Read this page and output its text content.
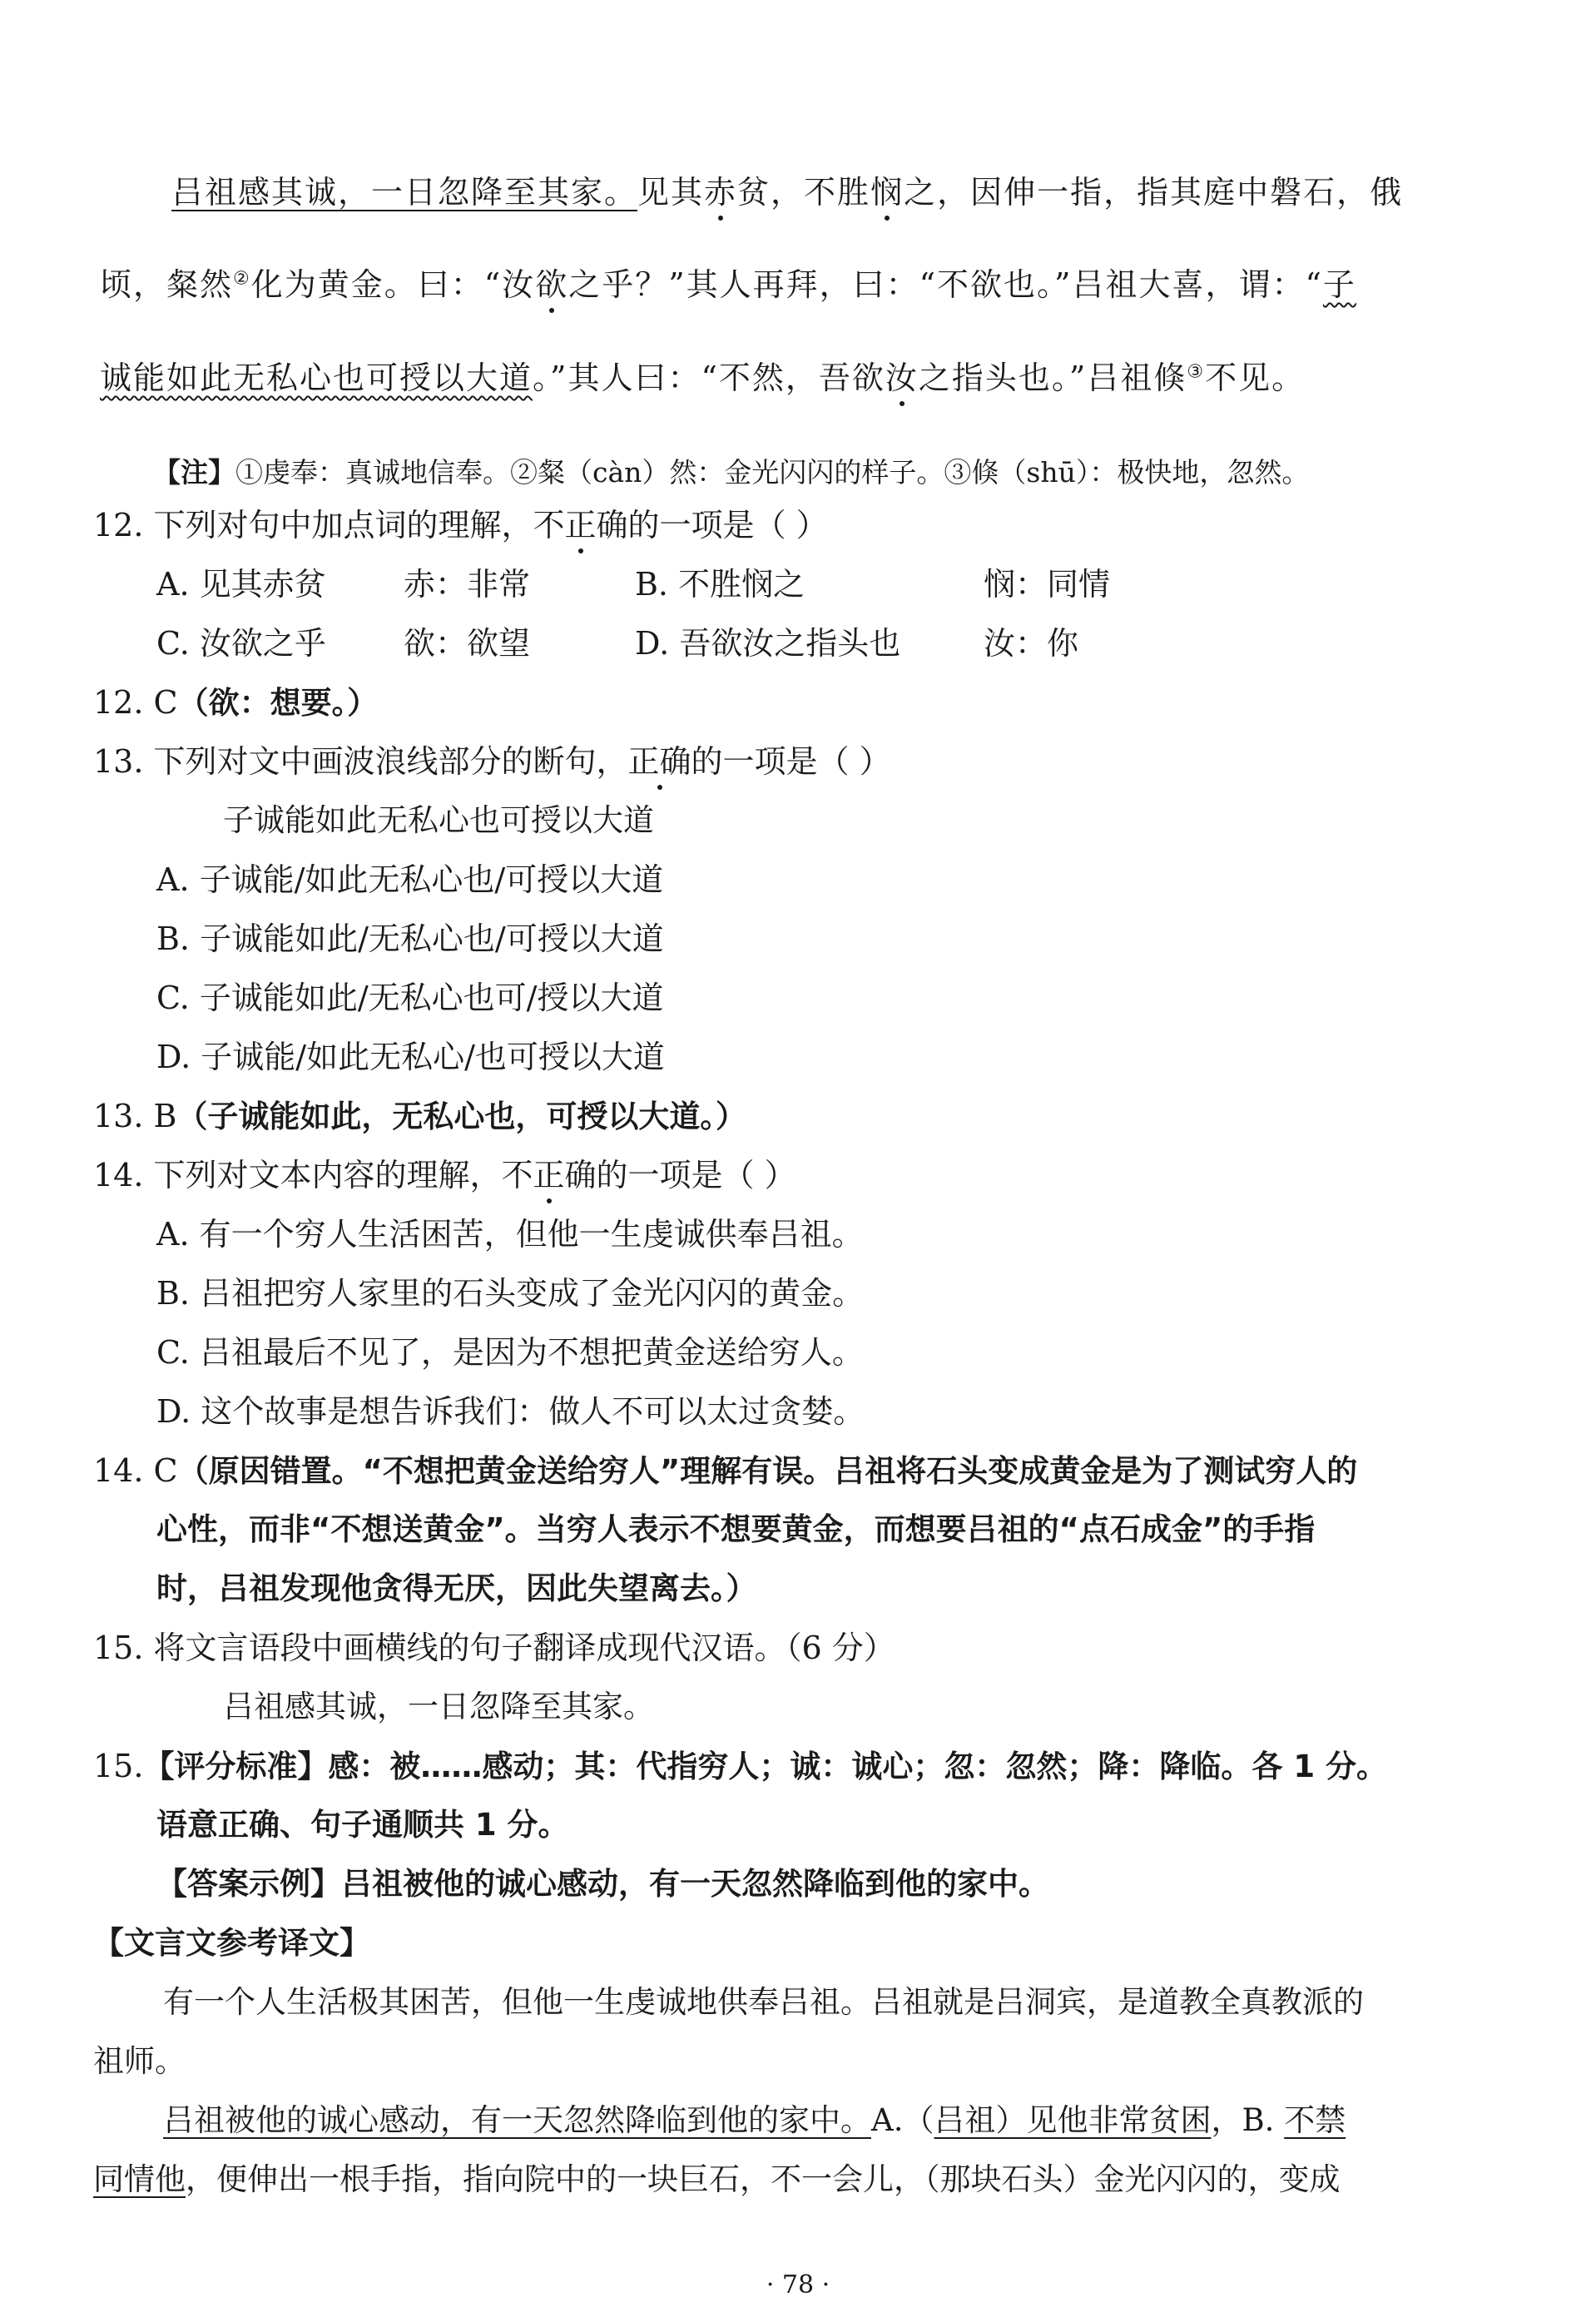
吕祖感其诚，一日忽降至其家。见其赤贫，不胜悯之，因伸一指，指其庭中磐石，俄
顷，粲然②化为黄金。曰：“汝欲之乎？”其人再拜，曰：“不欲也。”吕祖大喜，谓：“子
诚能如此无私心也可授以大道。”其人曰：“不然，吾欲汝之指头也。”吕祖倏③不见。
【注】①虔奉：真诚地信奉。②粲（càn）然：金光闪闪的样子。③倏（shū）：极快地，忽然。
12. 下列对句中加点词的理解，不正确的一项是（ ）
A. 见其赤贫 赤：非常	B. 不胜悯之	悯：同情
C. 汝欲之乎 欲：欲望	D. 吾欲汝之指头也	汝：你
12. C（欲：想要。）
13. 下列对文中画波浪线部分的断句，正确的一项是（ ）
子诚能如此无私心也可授以大道
A. 子诚能/如此无私心也/可授以大道
B. 子诚能如此/无私心也/可授以大道
C. 子诚能如此/无私心也可/授以大道
D. 子诚能/如此无私心/也可授以大道
13. B（子诚能如此，无私心也，可授以大道。）
14. 下列对文本内容的理解，不正确的一项是（ ）
A. 有一个穷人生活困苦，但他一生虔诚供奉吕祖。
B. 吕祖把穷人家里的石头变成了金光闪闪的黄金。
C. 吕祖最后不见了，是因为不想把黄金送给穷人。
D. 这个故事是想告诉我们：做人不可以太过贪婪。
14. C（原因错置。“不想把黄金送给穷人”理解有误。吕祖将石头变成黄金是为了测试穷人的
心性，而非“不想送黄金”。当穷人表示不想要黄金，而想要吕祖的“点石成金”的手指
时，吕祖发现他贪得无厌，因此失望离去。）
15. 将文言语段中画横线的句子翻译成现代汉语。（6 分）
吕祖感其诚，一日忽降至其家。
15.【评分标准】感：被……感动；其：代指穷人；诚：诚心；忽：忽然；降：降临。各 1 分。
语意正确、句子通顺共 1 分。
【答案示例】吕祖被他的诚心感动，有一天忽然降临到他的家中。
【文言文参考译文】
有一个人生活极其困苦，但他一生虔诚地供奉吕祖。吕祖就是吕洞宾，是道教全真教派的
祖师。
吕祖被他的诚心感动，有一天忽然降临到他的家中。A.（吕祖）见他非常贫困，B. 不禁
同情他，便伸出一根手指，指向院中的一块巨石，不一会儿，（那块石头）金光闪闪的，变成
· 78 ·
